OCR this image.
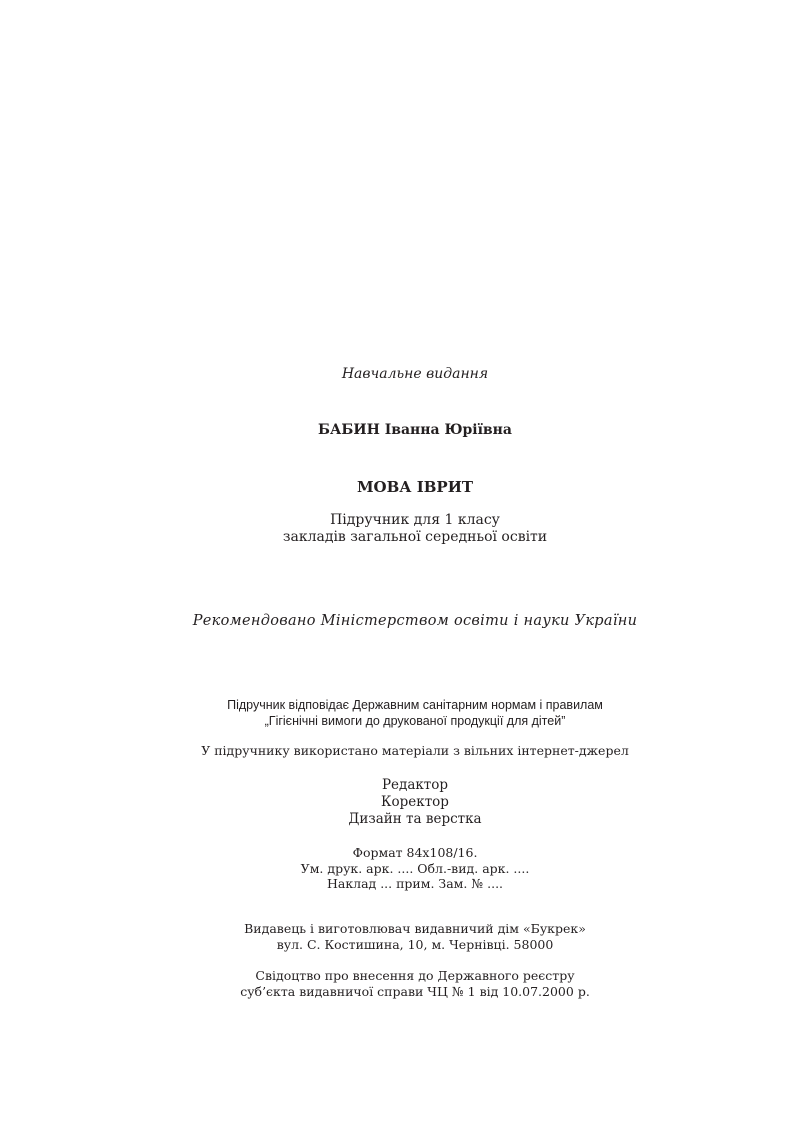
Навчальне видання
БАБИН Іванна Юріївна
МОВА ІВРИТ
Підручник для 1 класу
закладів загальної середньої освіти
Рекомендовано Міністерством освіти і науки України
Підручник відповідає Державним санітарним нормам і правилам
„Гігієнічні вимоги до друкованої продукції для дітей”
У підручнику використано матеріали з вільних інтернет-джерел
Редактор
Коректор
Дизайн та верстка
Формат 84х108/16.
Ум. друк. арк. .... Обл.-вид. арк. ....
Наклад ... прим. Зам. № ....
Видавець і виготовлювач видавничий дім «Букрек»
вул. С. Костишина, 10, м. Чернівці. 58000
Свідоцтво про внесення до Державного реєстру
суб’єкта видавничої справи ЧЦ № 1 від 10.07.2000 р.
